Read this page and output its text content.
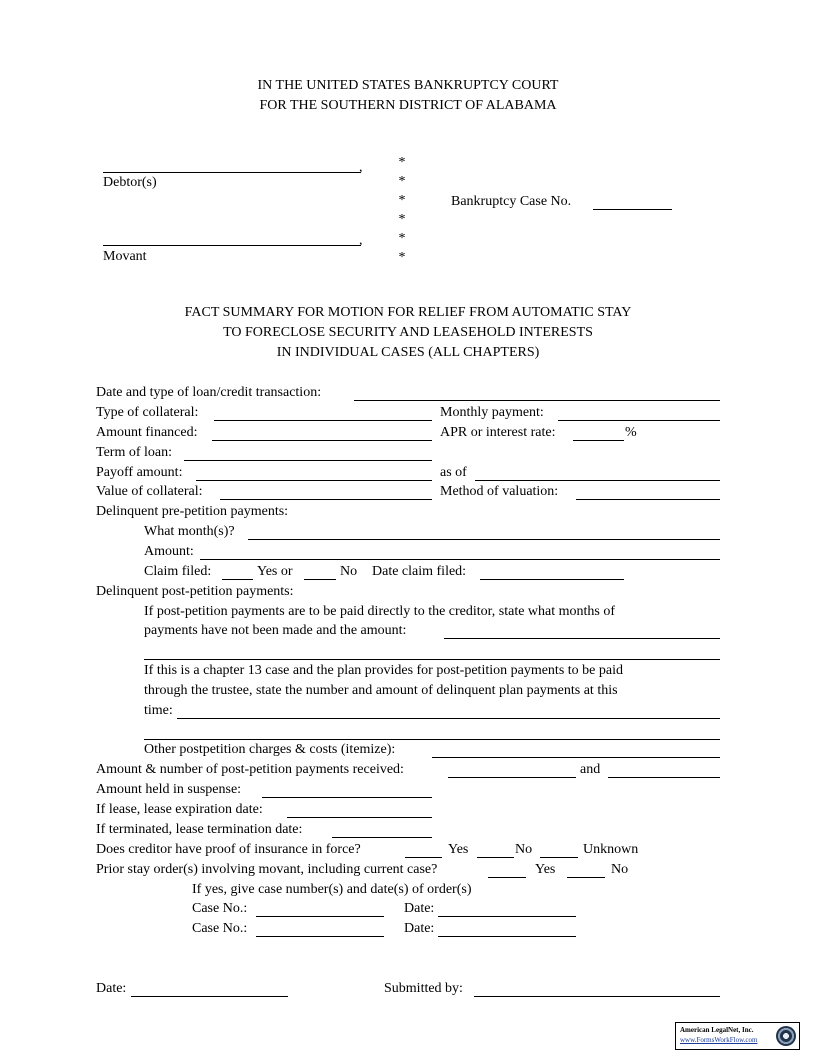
IN THE UNITED STATES BANKRUPTCY COURT
FOR THE SOUTHERN DISTRICT OF ALABAMA
,
Debtor(s)
,
Movant
*
*
*
*
*
*
Bankruptcy Case No.
FACT SUMMARY FOR MOTION FOR RELIEF FROM AUTOMATIC STAY
TO FORECLOSE SECURITY AND LEASEHOLD INTERESTS
IN INDIVIDUAL CASES (ALL CHAPTERS)
Date and type of loan/credit transaction:
Type of collateral:	Monthly payment:
Amount financed:	APR or interest rate:	%
Term of loan:
Payoff amount:	as of
Value of collateral:	Method of valuation:
Delinquent pre-petition payments:
What month(s)?
Amount:
Claim filed:	Yes or	No Date claim filed:
Delinquent post-petition payments:
If post-petition payments are to be paid directly to the creditor, state what months of
payments have not been made and the amount:
If this is a chapter 13 case and the plan provides for post-petition payments to be paid
through the trustee, state the number and amount of delinquent plan payments at this
time:
Other postpetition charges & costs (itemize):
Amount & number of post-petition payments received:	and
Amount held in suspense:
If lease, lease expiration date:
If terminated, lease termination date:
Does creditor have proof of insurance in force?	Yes	No	Unknown
Prior stay order(s) involving movant, including current case?	Yes	No
If yes, give case number(s) and date(s) of order(s)
Case No.:	Date:
Case No.:	Date:
Date:	Submitted by:
American LegalNet, Inc.
www.FormsWorkFlow.com
